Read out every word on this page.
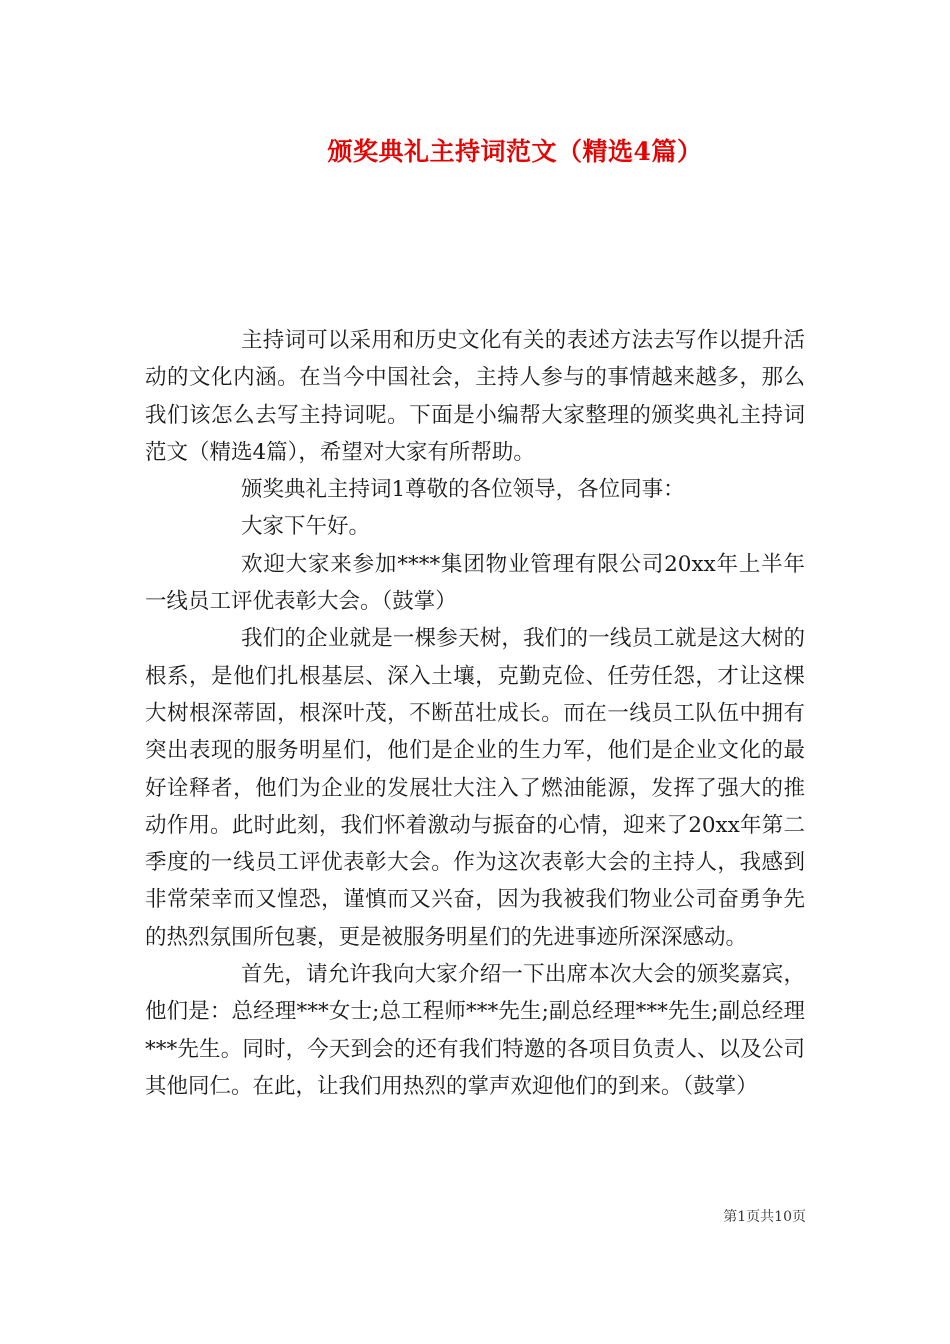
颁奖典礼主持词范文（精选4篇）

主持词可以采用和历史文化有关的表述方法去写作以提升活动的文化内涵。在当今中国社会，主持人参与的事情越来越多，那么我们该怎么去写主持词呢。下面是小编帮大家整理的颁奖典礼主持词范文（精选4篇），希望对大家有所帮助。

颁奖典礼主持词1尊敬的各位领导，各位同事：

大家下午好。

欢迎大家来参加****集团物业管理有限公司20xx年上半年一线员工评优表彰大会。（鼓掌）

我们的企业就是一棵参天树，我们的一线员工就是这大树的根系，是他们扎根基层、深入土壤，克勤克俭、任劳任怨，才让这棵大树根深蒂固，根深叶茂，不断茁壮成长。而在一线员工队伍中拥有突出表现的服务明星们，他们是企业的生力军，他们是企业文化的最好诠释者，他们为企业的发展壮大注入了燃油能源，发挥了强大的推动作用。此时此刻，我们怀着激动与振奋的心情，迎来了20xx年第二季度的一线员工评优表彰大会。作为这次表彰大会的主持人，我感到非常荣幸而又惶恐，谨慎而又兴奋，因为我被我们物业公司奋勇争先的热烈氛围所包裹，更是被服务明星们的先进事迹所深深感动。

首先，请允许我向大家介绍一下出席本次大会的颁奖嘉宾，他们是：总经理***女士;总工程师***先生;副总经理***先生;副总经理***先生。同时，今天到会的还有我们特邀的各项目负责人、以及公司其他同仁。在此，让我们用热烈的掌声欢迎他们的到来。（鼓掌）

第1页共10页
